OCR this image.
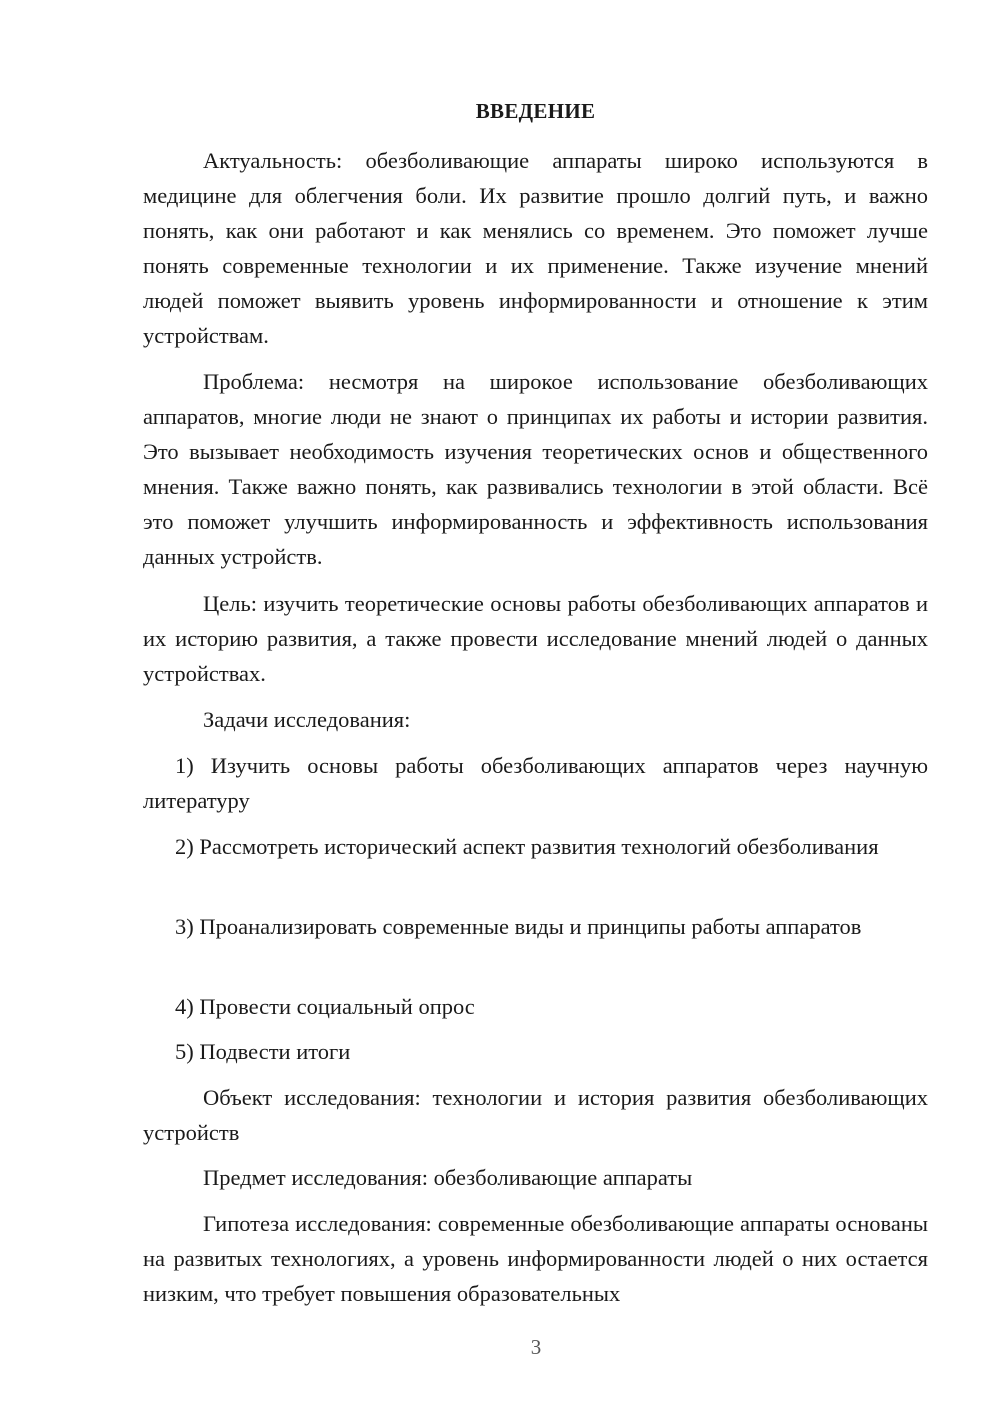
ВВЕДЕНИЕ

Актуальность: обезболивающие аппараты широко используются в медицине для облегчения боли. Их развитие прошло долгий путь, и важно понять, как они работают и как менялись со временем. Это поможет лучше понять современные технологии и их применение. Также изучение мнений людей поможет выявить уровень информированности и отношение к этим устройствам.

Проблема: несмотря на широкое использование обезболивающих аппаратов, многие люди не знают о принципах их работы и истории развития. Это вызывает необходимость изучения теоретических основ и общественного мнения. Также важно понять, как развивались технологии в этой области. Всё это поможет улучшить информированность и эффективность использования данных устройств.

Цель: изучить теоретические основы работы обезболивающих аппаратов и их историю развития, а также провести исследование мнений людей о данных устройствах.

Задачи исследования:

1) Изучить основы работы обезболивающих аппаратов через научную литературу

2) Рассмотреть исторический аспект развития технологий обезболивания

3) Проанализировать современные виды и принципы работы аппаратов

4) Провести социальный опрос

5) Подвести итоги

Объект исследования: технологии и история развития обезболивающих устройств

Предмет исследования: обезболивающие аппараты

Гипотеза исследования: современные обезболивающие аппараты основаны на развитых технологиях, а уровень информированности людей о них остается низким, что требует повышения образовательных

3
